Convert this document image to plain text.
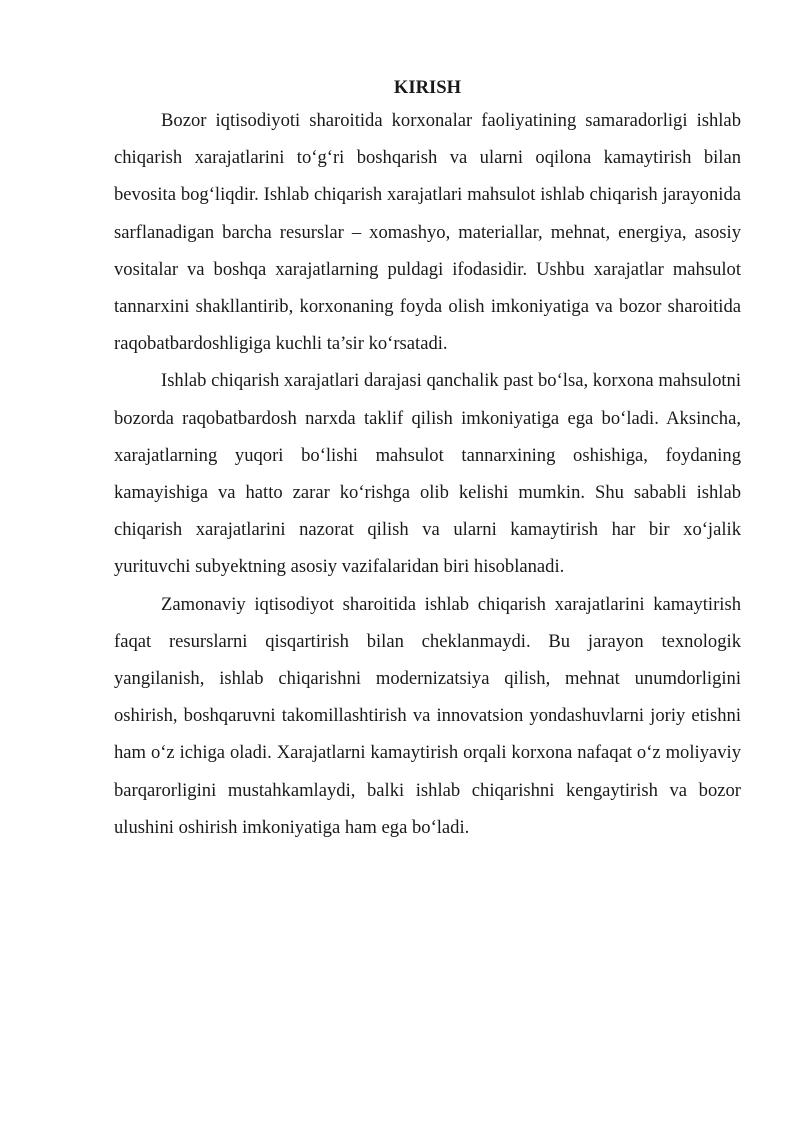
KIRISH

Bozor iqtisodiyoti sharoitida korxonalar faoliyatining samaradorligi ishlab chiqarish xarajatlarini to‘g‘ri boshqarish va ularni oqilona kamaytirish bilan bevosita bog‘liqdir. Ishlab chiqarish xarajatlari mahsulot ishlab chiqarish jarayonida sarflanadigan barcha resurslar – xomashyo, materiallar, mehnat, energiya, asosiy vositalar va boshqa xarajatlarning puldagi ifodasidir. Ushbu xarajatlar mahsulot tannarxini shakllantirib, korxonaning foyda olish imkoniyatiga va bozor sharoitida raqobatbardoshligiga kuchli ta’sir ko‘rsatadi.

Ishlab chiqarish xarajatlari darajasi qanchalik past bo‘lsa, korxona mahsulotni bozorda raqobatbardosh narxda taklif qilish imkoniyatiga ega bo‘ladi. Aksincha, xarajatlarning yuqori bo‘lishi mahsulot tannarxining oshishiga, foydaning kamayishiga va hatto zarar ko‘rishga olib kelishi mumkin. Shu sababli ishlab chiqarish xarajatlarini nazorat qilish va ularni kamaytirish har bir xo‘jalik yurituvchi subyektning asosiy vazifalaridan biri hisoblanadi.

Zamonaviy iqtisodiyot sharoitida ishlab chiqarish xarajatlarini kamaytirish faqat resurslarni qisqartirish bilan cheklanmaydi. Bu jarayon texnologik yangilanish, ishlab chiqarishni modernizatsiya qilish, mehnat unumdorligini oshirish, boshqaruvni takomillashtirish va innovatsion yondashuvlarni joriy etishni ham o‘z ichiga oladi. Xarajatlarni kamaytirish orqali korxona nafaqat o‘z moliyaviy barqarorligini mustahkamlaydi, balki ishlab chiqarishni kengaytirish va bozor ulushini oshirish imkoniyatiga ham ega bo‘ladi.
